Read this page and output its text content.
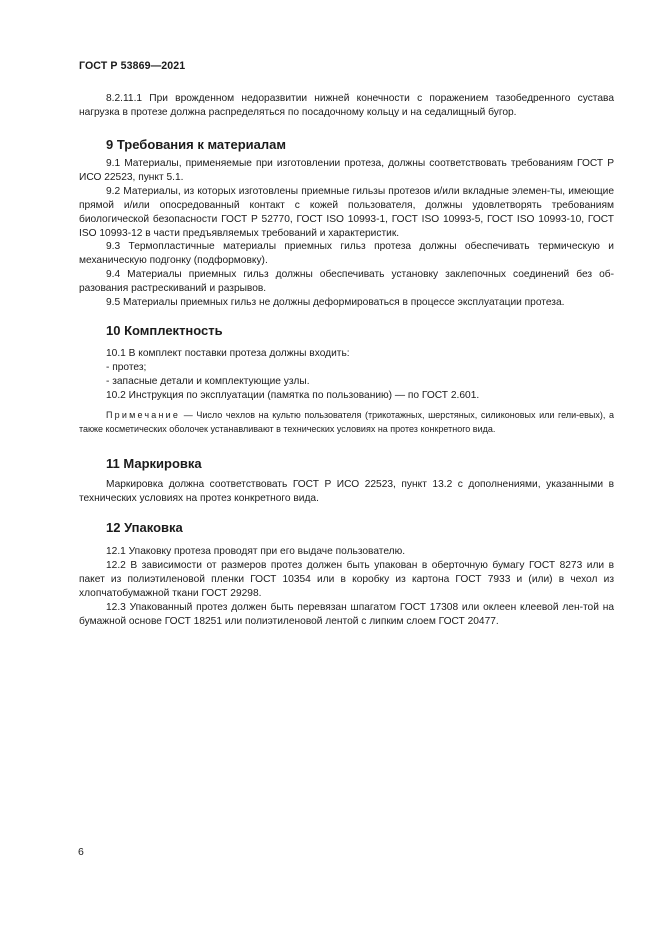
ГОСТ Р 53869—2021

8.2.11.1 При врожденном недоразвитии нижней конечности с поражением тазобедренного сустава нагрузка в протезе должна распределяться по посадочному кольцу и на седалищный бугор.

9 Требования к материалам

9.1 Материалы, применяемые при изготовлении протеза, должны соответствовать требованиям ГОСТ Р ИСО 22523, пункт 5.1.

9.2 Материалы, из которых изготовлены приемные гильзы протезов и/или вкладные элемен-ты, имеющие прямой и/или опосредованный контакт с кожей пользователя, должны удовлетворять требованиям биологической безопасности ГОСТ Р 52770, ГОСТ ISO 10993-1, ГОСТ ISO 10993-5, ГОСТ ISO 10993-10, ГОСТ ISO 10993-12 в части предъявляемых требований и характеристик.

9.3 Термопластичные материалы приемных гильз протеза должны обеспечивать термическую и механическую подгонку (подформовку).

9.4 Материалы приемных гильз должны обеспечивать установку заклепочных соединений без об-разования растрескиваний и разрывов.

9.5 Материалы приемных гильз не должны деформироваться в процессе эксплуатации протеза.

10 Комплектность

10.1 В комплект поставки протеза должны входить:

- протез;

- запасные детали и комплектующие узлы.

10.2 Инструкция по эксплуатации (памятка по пользованию) — по ГОСТ 2.601.

Примечание — Число чехлов на культю пользователя (трикотажных, шерстяных, силиконовых или гели-евых), а также косметических оболочек устанавливают в технических условиях на протез конкретного вида.

11 Маркировка

Маркировка должна соответствовать ГОСТ Р ИСО 22523, пункт 13.2 с дополнениями, указанными в технических условиях на протез конкретного вида.

12 Упаковка

12.1 Упаковку протеза проводят при его выдаче пользователю.

12.2 В зависимости от размеров протез должен быть упакован в оберточную бумагу ГОСТ 8273 или в пакет из полиэтиленовой пленки ГОСТ 10354 или в коробку из картона ГОСТ 7933 и (или) в чехол из хлопчатобумажной ткани ГОСТ 29298.

12.3 Упакованный протез должен быть перевязан шпагатом ГОСТ 17308 или оклеен клеевой лен-той на бумажной основе ГОСТ 18251 или полиэтиленовой лентой с липким слоем ГОСТ 20477.

6
